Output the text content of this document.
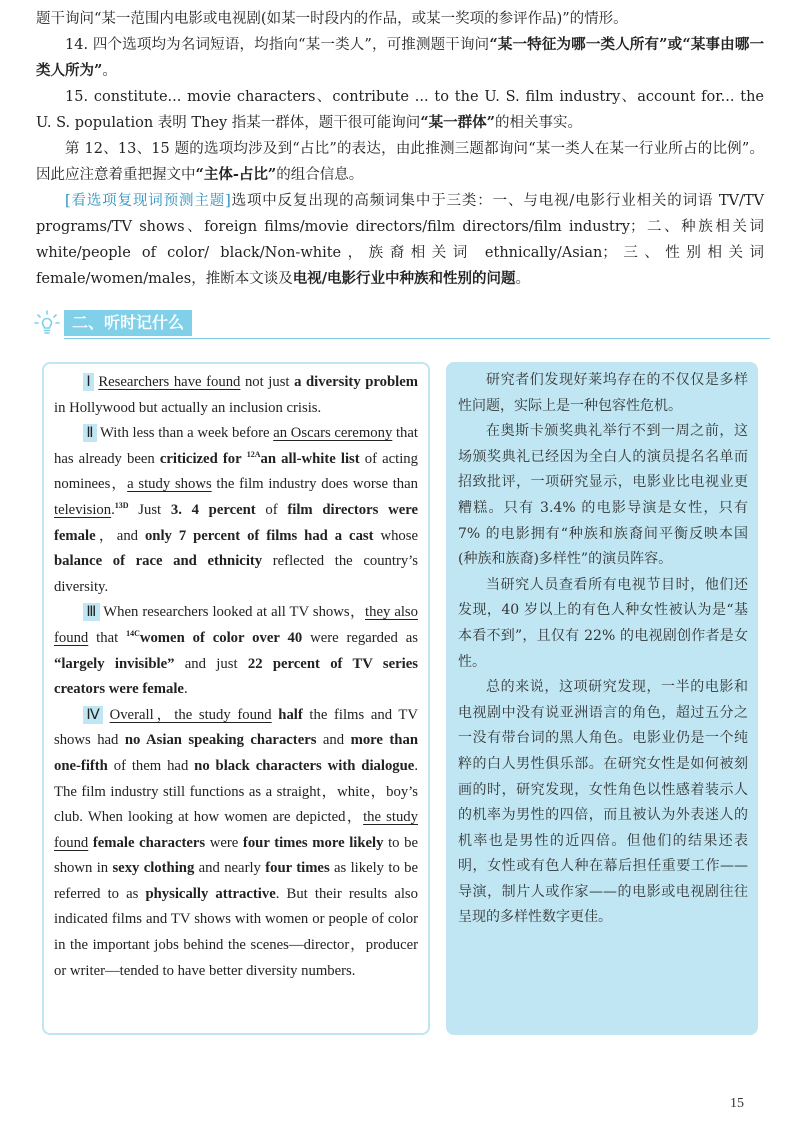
题干询问“某一范围内电影或电视剧(如某一时段内的作品，或某一奖项的参评作品)”的情形。

14. 四个选项均为名词短语，均指向“某一类人”，可推测题干询问“某一特征为哪一类人所有”或“某事由哪一类人所为”。

15. constitute... movie characters、contribute ... to the U. S. film industry、account for... the U. S. population 表明 They 指某一群体，题干很可能询问“某一群体”的相关事实。

第 12、13、15 题的选项均涉及到“占比”的表达，由此推测三题都询问“某一类人在某一行业所占的比例”。因此应注意着重把握文中“主体-占比”的组合信息。

[看选项复现词预测主题]选项中反复出现的高频词集中于三类：一、与电视/电影行业相关的词语 TV/TV programs/TV shows、foreign films/movie directors/film directors/film industry；二、种族相关词 white/people of color/ black/Non-white，族裔相关词 ethnically/Asian；三、性别相关词 female/women/males，推断本文谈及电视/电影行业中种族和性别的问题。

二、听时记什么

Ⅰ Researchers have found not just a diversity problem in Hollywood but actually an inclusion crisis.

Ⅱ With less than a week before an Oscars ceremony that has already been criticized for $^{12A}$an all-white list of acting nominees，a study shows the film industry does worse than television.$^{13D}$ Just 3. 4 percent of film directors were female，and only 7 percent of films had a cast whose balance of race and ethnicity reflected the country’s diversity.

Ⅲ When researchers looked at all TV shows，they also found that $^{14C}$women of color over 40 were regarded as “largely invisible” and just 22 percent of TV series creators were female.

Ⅳ Overall，the study found half the films and TV shows had no Asian speaking characters and more than one-fifth of them had no black characters with dialogue. The film industry still functions as a straight，white，boy’s club. When looking at how women are depicted，the study found female characters were four times more likely to be shown in sexy clothing and nearly four times as likely to be referred to as physically attractive. But their results also indicated films and TV shows with women or people of color in the important jobs behind the scenes—director，producer or writer—tended to have better diversity numbers.

研究者们发现好莱坞存在的不仅仅是多样性问题，实际上是一种包容性危机。

在奥斯卡颁奖典礼举行不到一周之前，这场颁奖典礼已经因为全白人的演员提名名单而招致批评，一项研究显示，电影业比电视业更糟糕。只有 3.4% 的电影导演是女性，只有 7% 的电影拥有“种族和族裔间平衡反映本国(种族和族裔)多样性”的演员阵容。

当研究人员查看所有电视节目时，他们还发现，40 岁以上的有色人种女性被认为是“基本看不到”，且仅有 22% 的电视剧创作者是女性。

总的来说，这项研究发现，一半的电影和电视剧中没有说亚洲语言的角色，超过五分之一没有带台词的黑人角色。电影业仍是一个纯粹的白人男性俱乐部。在研究女性是如何被刻画的时，研究发现，女性角色以性感着装示人的机率为男性的四倍，而且被认为外表迷人的机率也是男性的近四倍。但他们的结果还表明，女性或有色人种在幕后担任重要工作——导演，制片人或作家——的电影或电视剧往往呈现的多样性数字更佳。

15
